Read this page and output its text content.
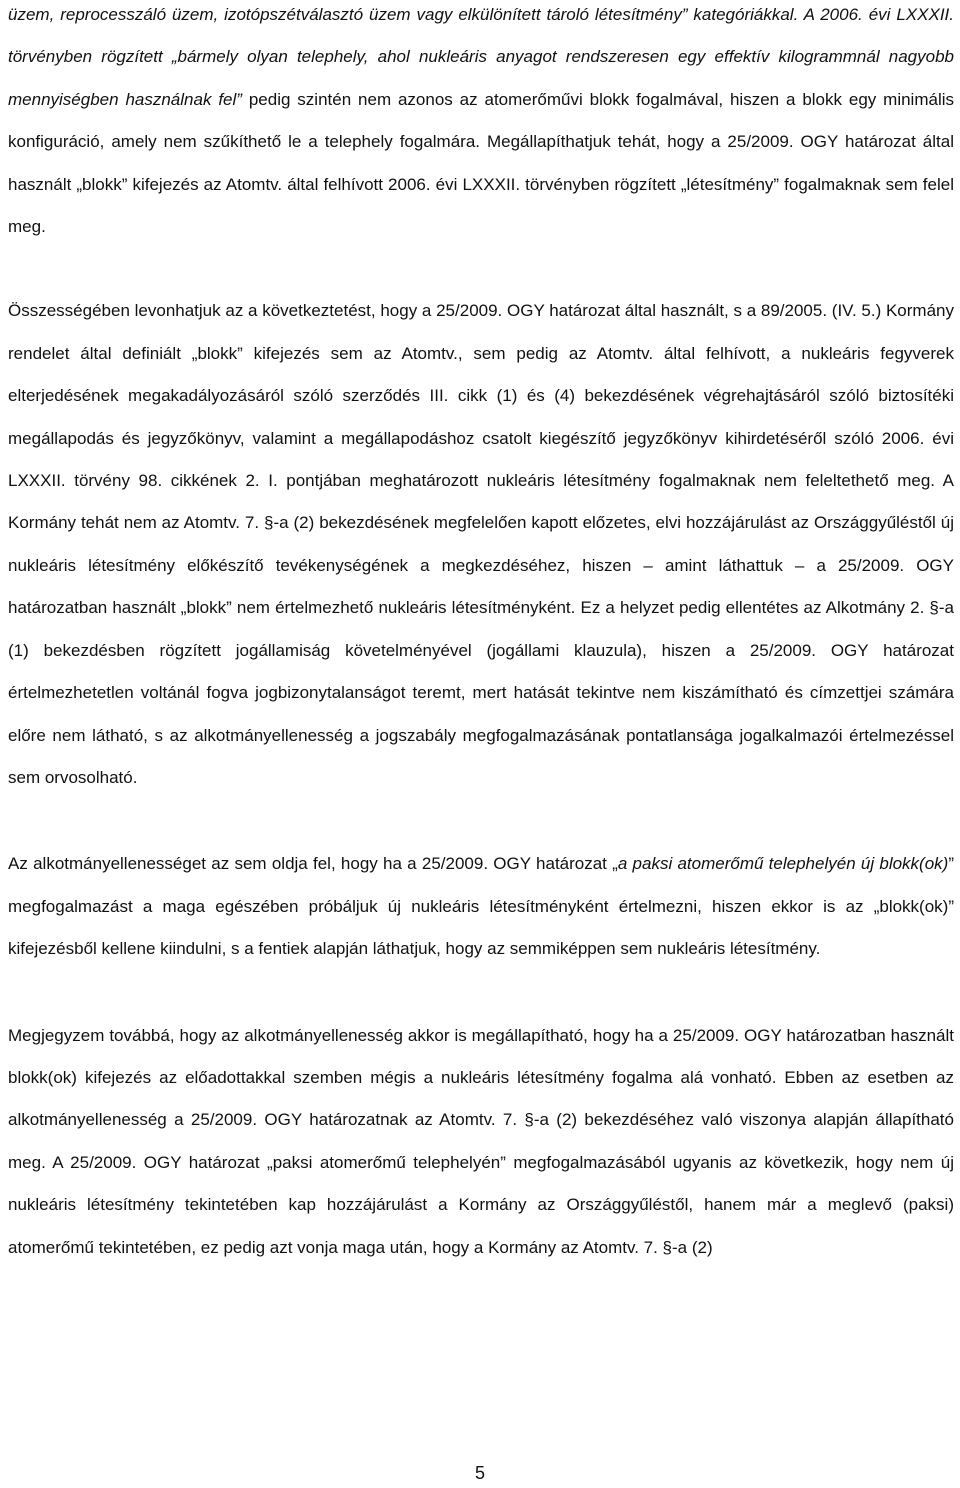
üzem, reprocesszáló üzem, izotópszétválasztó üzem vagy elkülönített tároló létesítmény” kategóriákkal. A 2006. évi LXXXII. törvényben rögzített „bármely olyan telephely, ahol nukleáris anyagot rendszeresen egy effektív kilogrammnál nagyobb mennyiségben használnak fel” pedig szintén nem azonos az atomerőművi blokk fogalmával, hiszen a blokk egy minimális konfiguráció, amely nem szűkíthető le a telephely fogalmára. Megállapíthatjuk tehát, hogy a 25/2009. OGY határozat által használt „blokk” kifejezés az Atomtv. által felhívott 2006. évi LXXXII. törvényben rögzített „létesítmény” fogalmaknak sem felel meg.

Összességében levonhatjuk az a következtetést, hogy a 25/2009. OGY határozat által használt, s a 89/2005. (IV. 5.) Kormány rendelet által definiált „blokk” kifejezés sem az Atomtv., sem pedig az Atomtv. által felhívott, a nukleáris fegyverek elterjedésének megakadályozásáról szóló szerződés III. cikk (1) és (4) bekezdésének végrehajtásáról szóló biztosítéki megállapodás és jegyzőkönyv, valamint a megállapodáshoz csatolt kiegészítő jegyzőkönyv kihirdetéséről szóló 2006. évi LXXXII. törvény 98. cikkének 2. I. pontjában meghatározott nukleáris létesítmény fogalmaknak nem feleltethető meg. A Kormány tehát nem az Atomtv. 7. §-a (2) bekezdésének megfelelően kapott előzetes, elvi hozzájárulást az Országgyűléstől új nukleáris létesítmény előkészítő tevékenységének a megkezdéséhez, hiszen – amint láthattuk – a 25/2009. OGY határozatban használt „blokk” nem értelmezhető nukleáris létesítményként. Ez a helyzet pedig ellentétes az Alkotmány 2. §-a (1) bekezdésben rögzített jogállamiság követelményével (jogállami klauzula), hiszen a 25/2009. OGY határozat értelmezhetetlen voltánál fogva jogbizonytalanságot teremt, mert hatását tekintve nem kiszámítható és címzettjei számára előre nem látható, s az alkotmányellenesség a jogszabály megfogalmazásának pontatlansága jogalkalmazói értelmezéssel sem orvosolható.

Az alkotmányellenességet az sem oldja fel, hogy ha a 25/2009. OGY határozat „a paksi atomerőmű telephelyén új blokk(ok)” megfogalmazást a maga egészében próbáljuk új nukleáris létesítményként értelmezni, hiszen ekkor is az „blokk(ok)” kifejezésből kellene kiindulni, s a fentiek alapján láthatjuk, hogy az semmiképpen sem nukleáris létesítmény.

Megjegyzem továbbá, hogy az alkotmányellenesség akkor is megállapítható, hogy ha a 25/2009. OGY határozatban használt blokk(ok) kifejezés az előadottakkal szemben mégis a nukleáris létesítmény fogalma alá vonható. Ebben az esetben az alkotmányellenesség a 25/2009. OGY határozatnak az Atomtv. 7. §-a (2) bekezdéséhez való viszonya alapján állapítható meg. A 25/2009. OGY határozat „paksi atomerőmű telephelyén” megfogalmazásából ugyanis az következik, hogy nem új nukleáris létesítmény tekintetében kap hozzájárulást a Kormány az Országgyűléstől, hanem már a meglevő (paksi) atomerőmű tekintetében, ez pedig azt vonja maga után, hogy a Kormány az Atomtv. 7. §-a (2)

5
